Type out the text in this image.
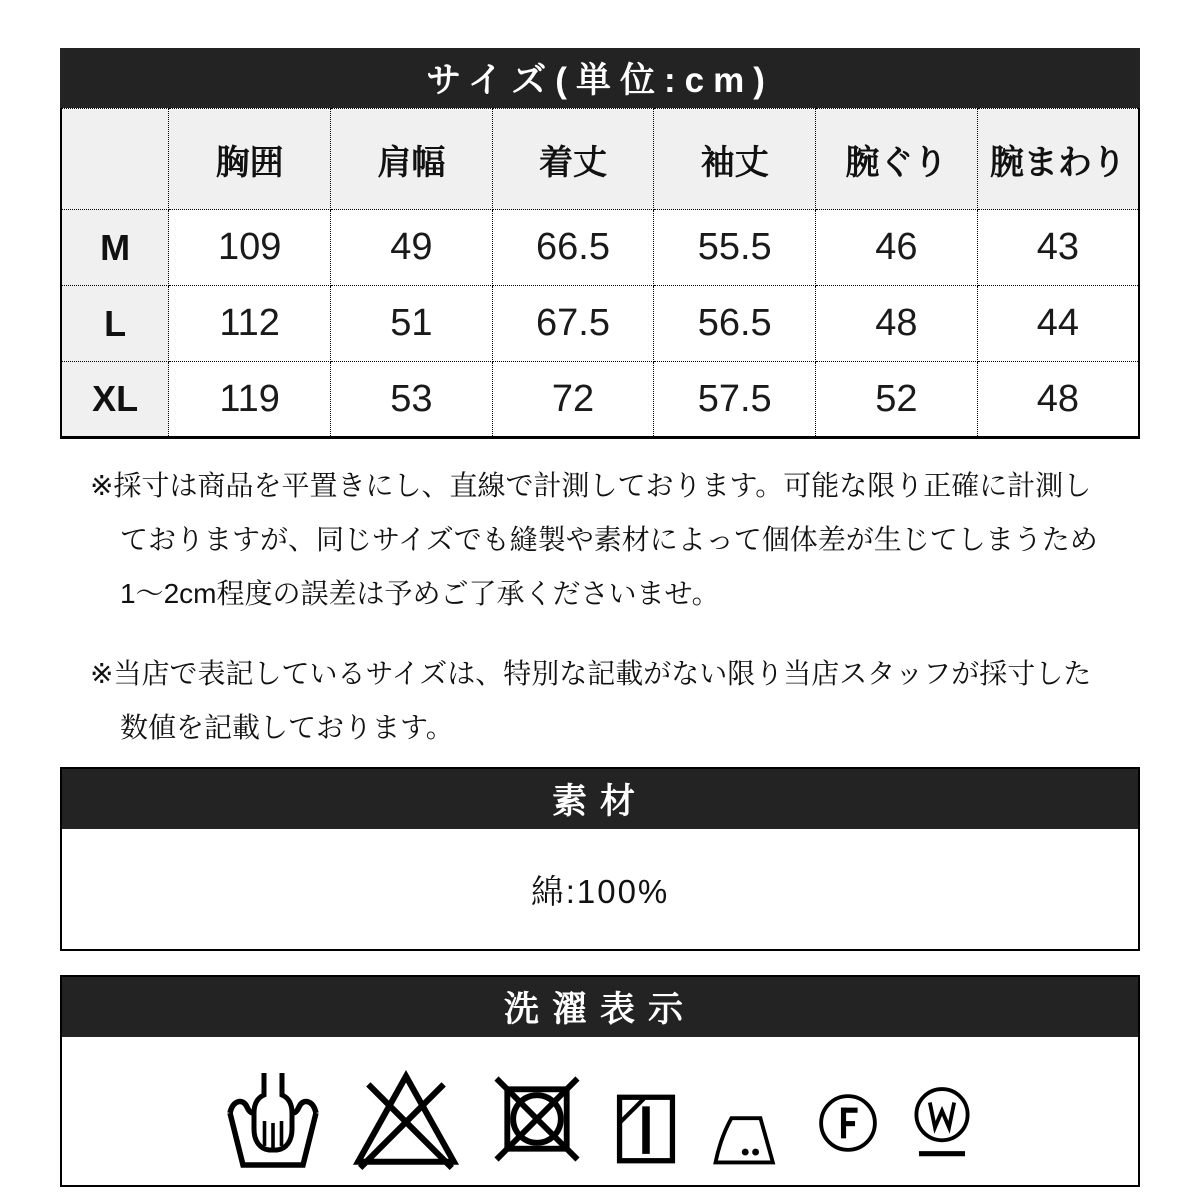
サイズ(単位:cm)
	胸囲	肩幅	着丈	袖丈	腕ぐり	腕まわり
M	109	49	66.5	55.5	46	43
L	112	51	67.5	56.5	48	44
XL	119	53	72	57.5	52	48
※採寸は商品を平置きにし、直線で計測しております。可能な限り正確に計測し
ておりますが、同じサイズでも縫製や素材によって個体差が生じてしまうため
1〜2cm程度の誤差は予めご了承くださいませ。
※当店で表記しているサイズは、特別な記載がない限り当店スタッフが採寸した
数値を記載しております。
素材
綿:100%
洗濯表示
